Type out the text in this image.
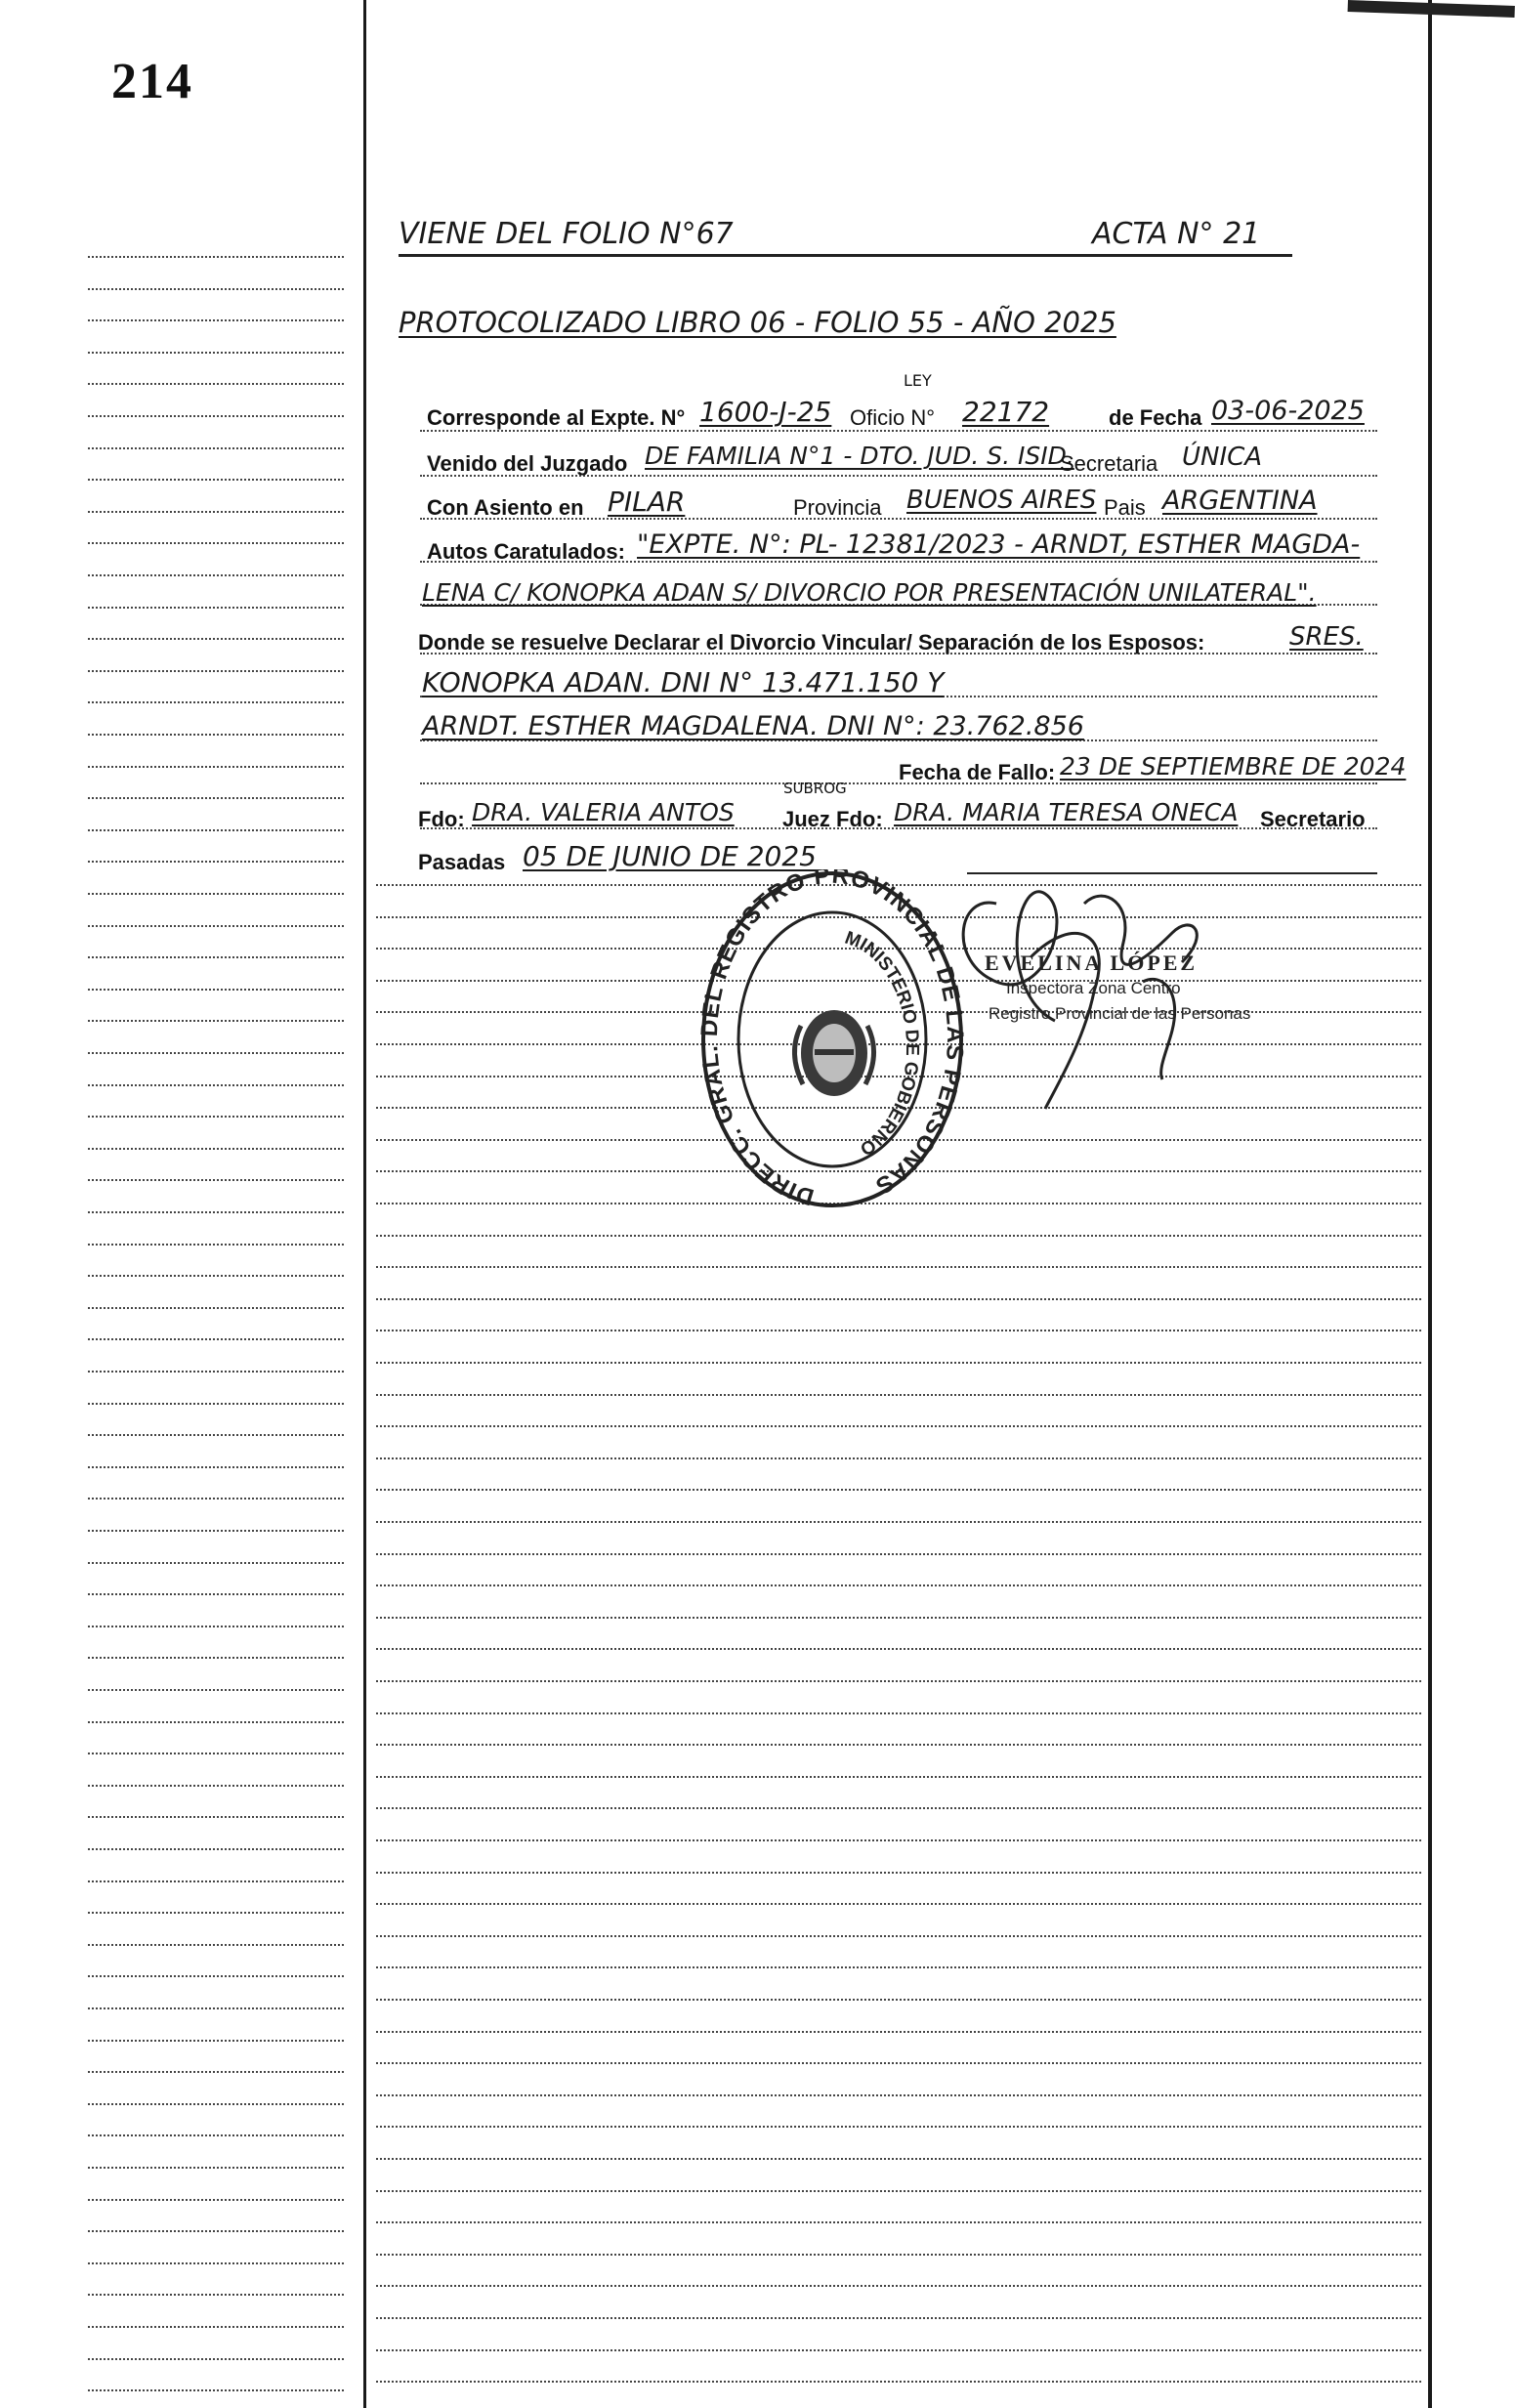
214
VIENE DEL FOLIO N°67	ACTA N° 21
PROTOCOLIZADO LIBRO 06 - FOLIO 55 - AÑO 2025
LEY
Corresponde al Expte. N° 1600-J-25 Oficio N° 22172	de Fecha 03-06-2025
Venido del Juzgado DE FAMILIA N°1 - DTO. JUD. S. ISID.
Secretaria ÚNICA
Con Asiento en PILAR	Provincia BUENOS AIRES Pais ARGENTINA
Autos Caratulados: "EXPTE. N°: PL- 12381/2023 - ARNDT, ESTHER MAGDA-
LENA C/ KONOPKA ADAN S/ DIVORCIO POR PRESENTACIÓN UNILATERAL".
Donde se resuelve Declarar el Divorcio Vincular/ Separación de los Esposos:	SRES.
KONOPKA ADAN. DNI N° 13.471.150 Y
ARNDT. ESTHER MAGDALENA. DNI N°: 23.762.856
Fecha de Fallo: 23 DE SEPTIEMBRE DE 2024
SUBROG
Fdo: DRA. VALERIA ANTOS Juez Fdo: DRA. MARIA TERESA ONECA Secretario
Pasadas 05 DE JUNIO DE 2025
DIRECC. GRAL EL REGISTRO PROVINCIAL DE L PERSONAS
MINISTERIO DE GOBIERNO
EVELINA LÓPEZ
Inspectora Zona Centro
Registro Provincial de las Personas
